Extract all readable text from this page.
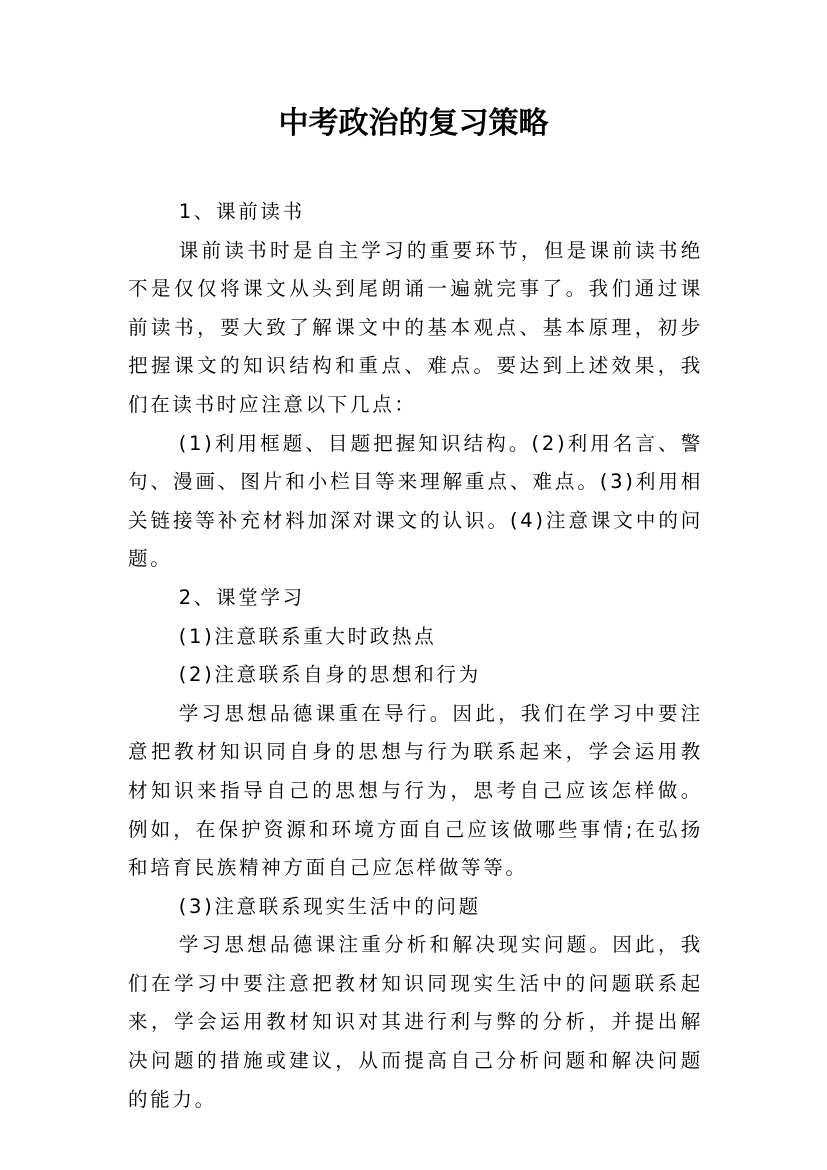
中考政治的复习策略

1、课前读书

课前读书时是自主学习的重要环节，但是课前读书绝不是仅仅将课文从头到尾朗诵一遍就完事了。我们通过课前读书，要大致了解课文中的基本观点、基本原理，初步把握课文的知识结构和重点、难点。要达到上述效果，我们在读书时应注意以下几点：

(1)利用框题、目题把握知识结构。(2)利用名言、警句、漫画、图片和小栏目等来理解重点、难点。(3)利用相关链接等补充材料加深对课文的认识。(4)注意课文中的问题。

2、课堂学习

(1)注意联系重大时政热点

(2)注意联系自身的思想和行为

学习思想品德课重在导行。因此，我们在学习中要注意把教材知识同自身的思想与行为联系起来，学会运用教材知识来指导自己的思想与行为，思考自己应该怎样做。例如，在保护资源和环境方面自己应该做哪些事情;在弘扬和培育民族精神方面自己应怎样做等等。

(3)注意联系现实生活中的问题

学习思想品德课注重分析和解决现实问题。因此，我们在学习中要注意把教材知识同现实生活中的问题联系起来，学会运用教材知识对其进行利与弊的分析，并提出解决问题的措施或建议，从而提高自己分析问题和解决问题的能力。
